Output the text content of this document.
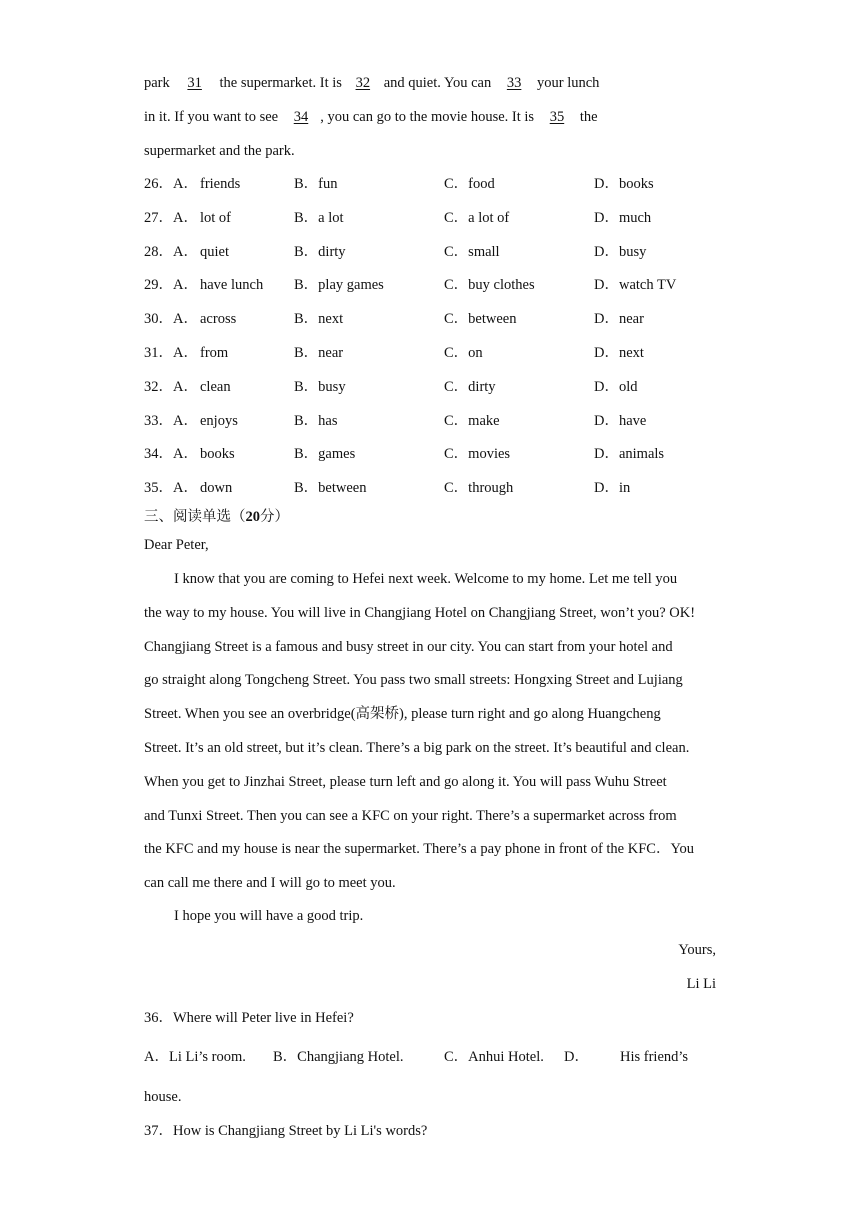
park 31 the supermarket. It is 32 and quiet. You can 33 your lunch
in it. If you want to see 34 , you can go to the movie house. It is 35 the
supermarket and the park.
26．A． friends	B．fun	C．food	D．books
27．A． lot of	B．a lot	C．a lot of	D．much
28．A． quiet	B．dirty	C．small	D．busy
29．A． have lunch B．play games	C．buy clothes	D．watch TV
30．A． across	B．next	C．between	D．near
31．A． from	B．near	C．on	D．next
32．A． clean	B．busy	C．dirty	D．old
33．A． enjoys	B．has	C．make	D．have
34．A． books	B．games	C．movies	D．animals
35．A． down	B．between	C．through	D．in
三、阅读单选（20分）
Dear Peter,
I know that you are coming to Hefei next week. Welcome to my home. Let me tell you
the way to my house. You will live in Changjiang Hotel on Changjiang Street, won’t you? OK!
Changjiang Street is a famous and busy street in our city. You can start from your hotel and
go straight along Tongcheng Street. You pass two small streets: Hongxing Street and Lujiang
Street. When you see an overbridge(高架桥), please turn right and go along Huangcheng
Street. It’s an old street, but it’s clean. There’s a big park on the street. It’s beautiful and clean.
When you get to Jinzhai Street, please turn left and go along it. You will pass Wuhu Street
and Tunxi Street. Then you can see a KFC on your right. There’s a supermarket across from
the KFC and my house is near the supermarket. There’s a pay phone in front of the KFC．You
can call me there and I will go to meet you.
I hope you will have a good trip.
Yours,
Li Li
36．Where will Peter live in Hefei?
A．Li Li’s room. B．Changjiang Hotel.	C．Anhui Hotel. D． His friend’s
house.
37．How is Changjiang Street by Li Li's words?
